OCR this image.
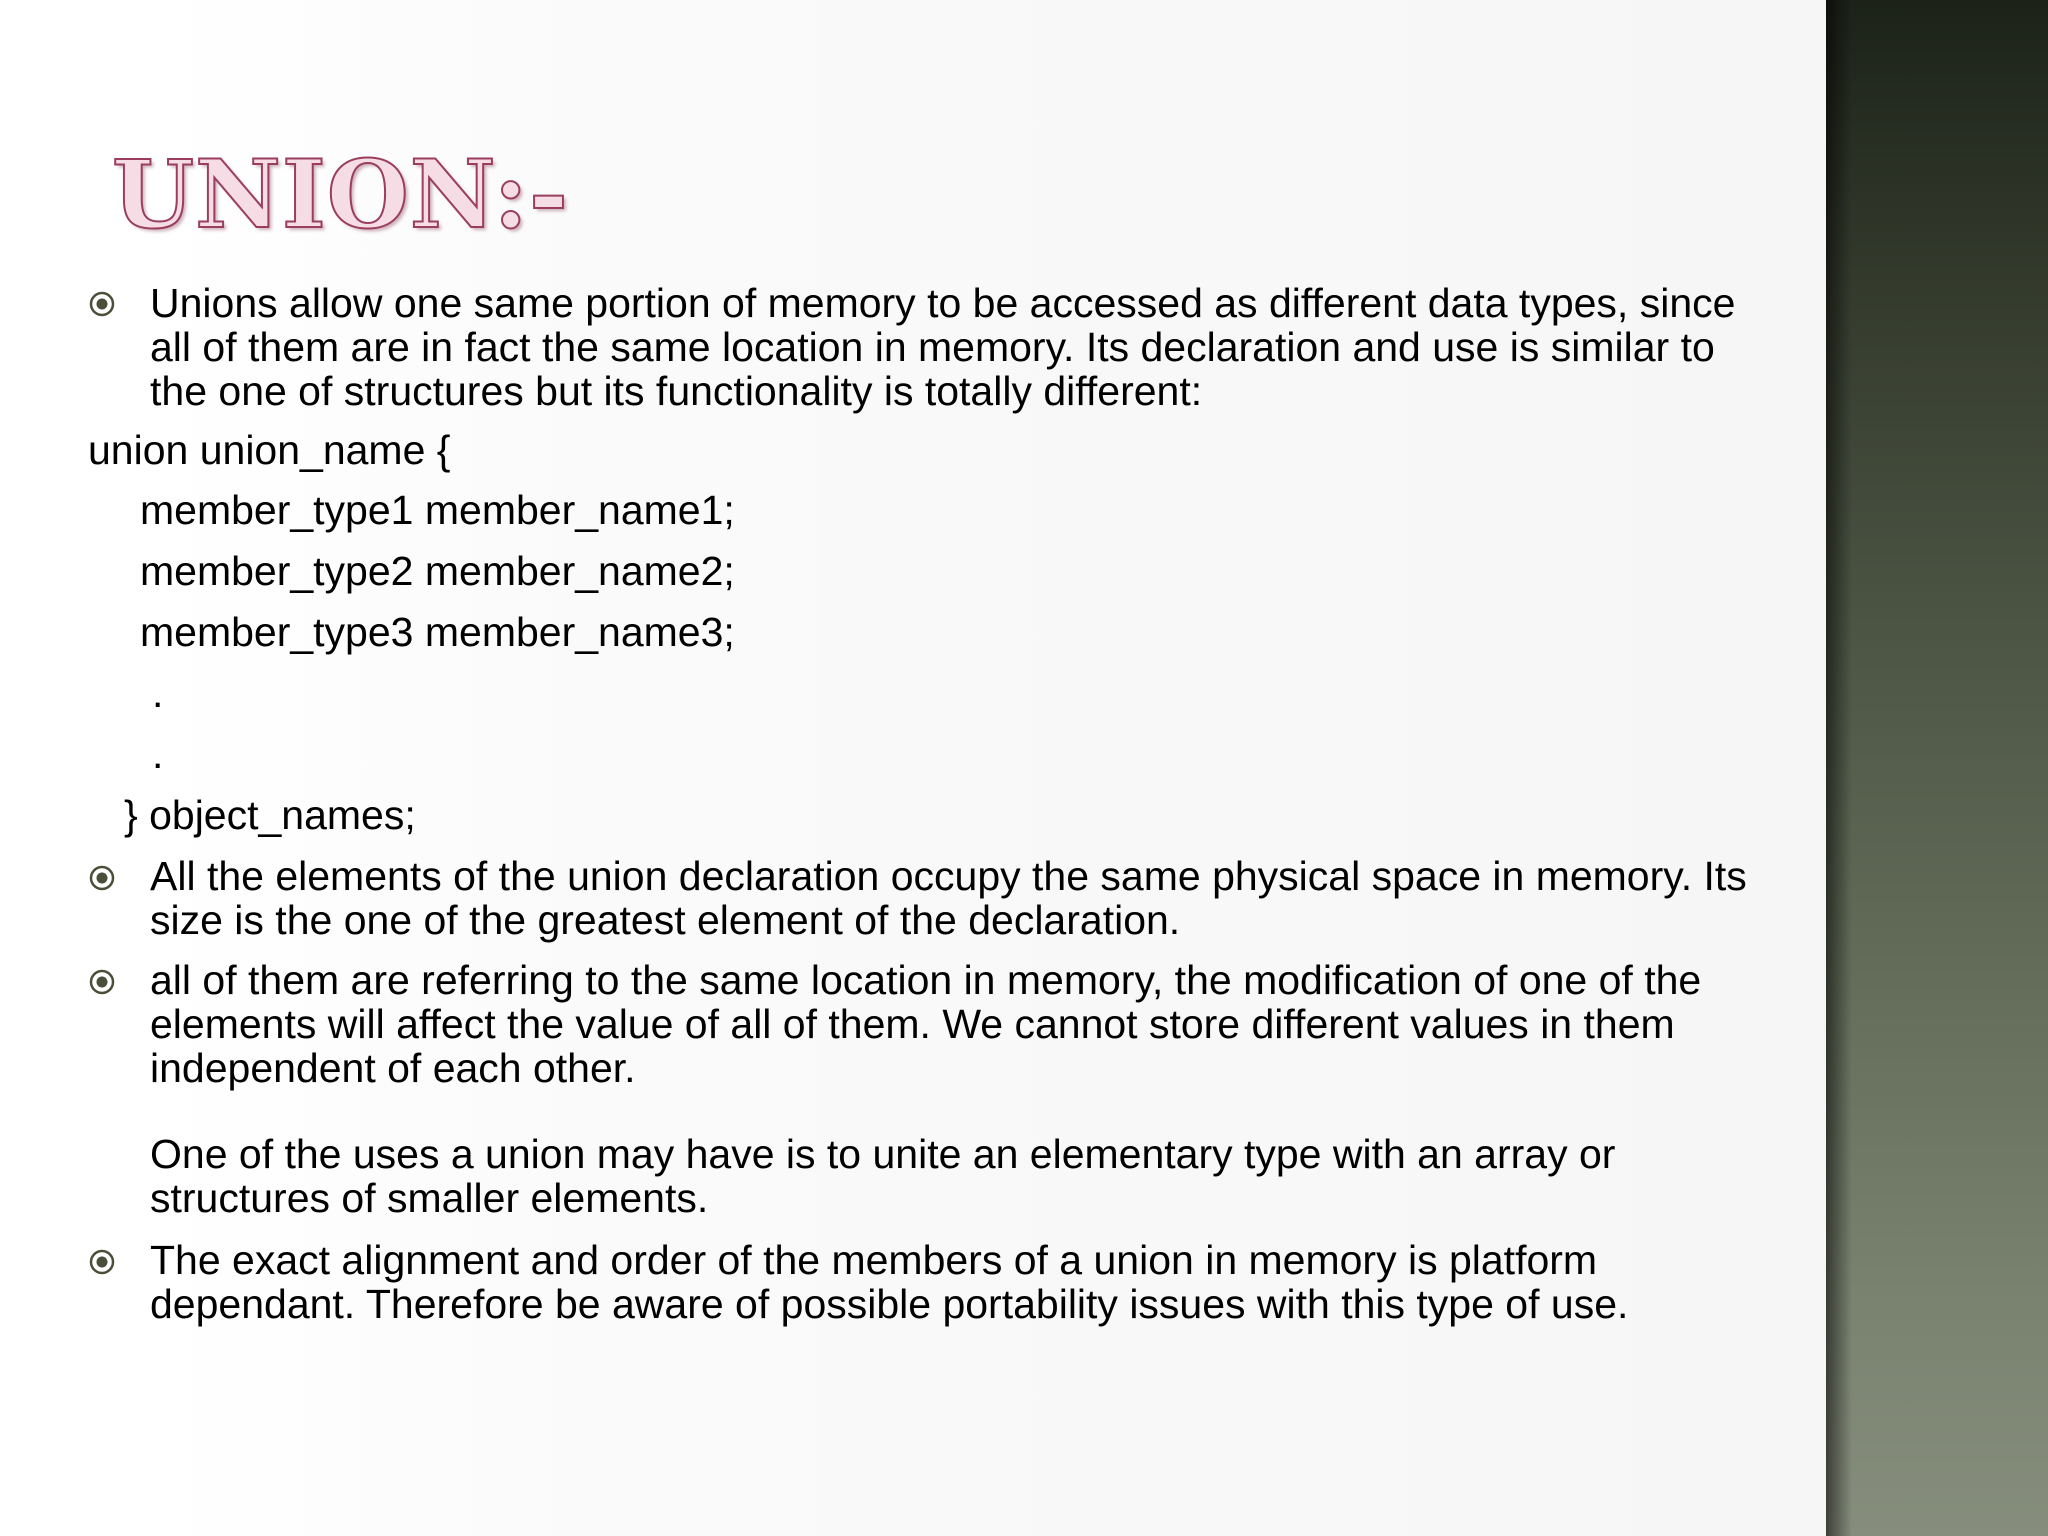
UNION:-

Unions allow one same portion of memory to be accessed as different data types, since
all of them are in fact the same location in memory. Its declaration and use is similar to
the one of structures but its functionality is totally different:

union union_name {

member_type1 member_name1;

member_type2 member_name2;

member_type3 member_name3;

.

.

} object_names;

All the elements of the union declaration occupy the same physical space in memory. Its
size is the one of the greatest element of the declaration.

all of them are referring to the same location in memory, the modification of one of the
elements will affect the value of all of them. We cannot store different values in them
independent of each other.

One of the uses a union may have is to unite an elementary type with an array or
structures of smaller elements.

The exact alignment and order of the members of a union in memory is platform
dependant. Therefore be aware of possible portability issues with this type of use.
